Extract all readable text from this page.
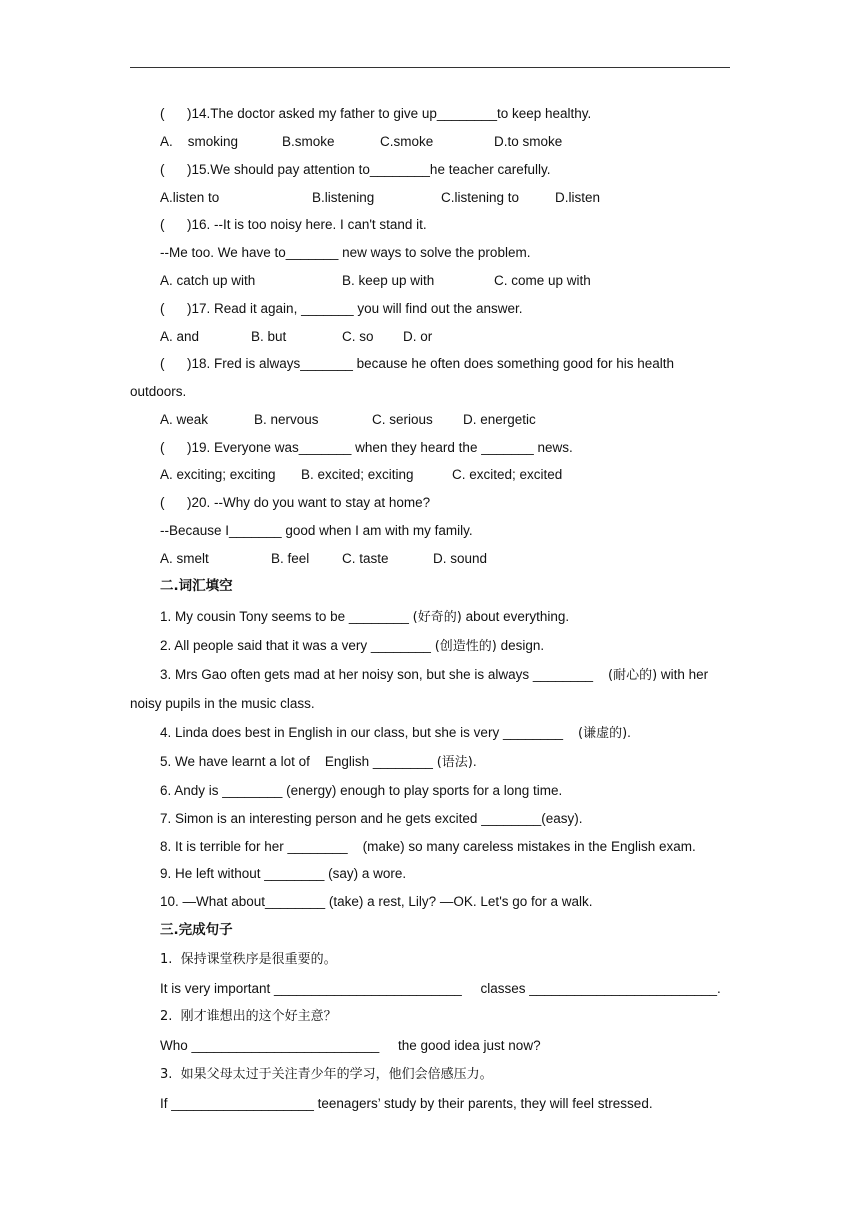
(      )14.The doctor asked my father to give up________to keep healthy.
A.    smoking	B.smoke	C.smoke	D.to smoke
(      )15.We should pay attention to________he teacher carefully.
A.listen to	B.listening	C.listening to	D.listen
(      )16. --It is too noisy here. I can't stand it.
--Me too. We have to_______ new ways to solve the problem.
A. catch up with	B. keep up with	C. come up with
(      )17. Read it again, _______ you will find out the answer.
A. and	B. but	C. so D. or
(      )18. Fred is always_______ because he often does something good for his health
outdoors.
A. weak	B. nervous	C. serious D. energetic
(      )19. Everyone was_______ when they heard the _______ news.
A. exciting; exciting B. excited; exciting	C. excited; excited
(      )20. --Why do you want to stay at home?
--Because I_______ good when I am with my family.
A. smelt	B. feel C. taste	D. sound
二.词汇填空
1. My cousin Tony seems to be ________ (好奇的) about everything.
2. All people said that it was a very ________ (创造性的) design.
3. Mrs Gao often gets mad at her noisy son, but she is always ________    (耐心的) with her
noisy pupils in the music class.
4. Linda does best in English in our class, but she is very ________    (谦虚的).
5. We have learnt a lot of    English ________ (语法).
6. Andy is ________ (energy) enough to play sports for a long time.
7. Simon is an interesting person and he gets excited ________(easy).
8. It is terrible for her ________    (make) so many careless mistakes in the English exam.
9. He left without ________ (say) a wore.
10. —What about________ (take) a rest, Lily? —OK. Let's go for a walk.
三.完成句子
1.  保持课堂秩序是很重要的。
It is very important _________________________     classes _________________________.
2.  刚才谁想出的这个好主意？
Who _________________________     the good idea just now?
3.  如果父母太过于关注青少年的学习，他们会倍感压力。
If ___________________ teenagers’ study by their parents, they will feel stressed.
